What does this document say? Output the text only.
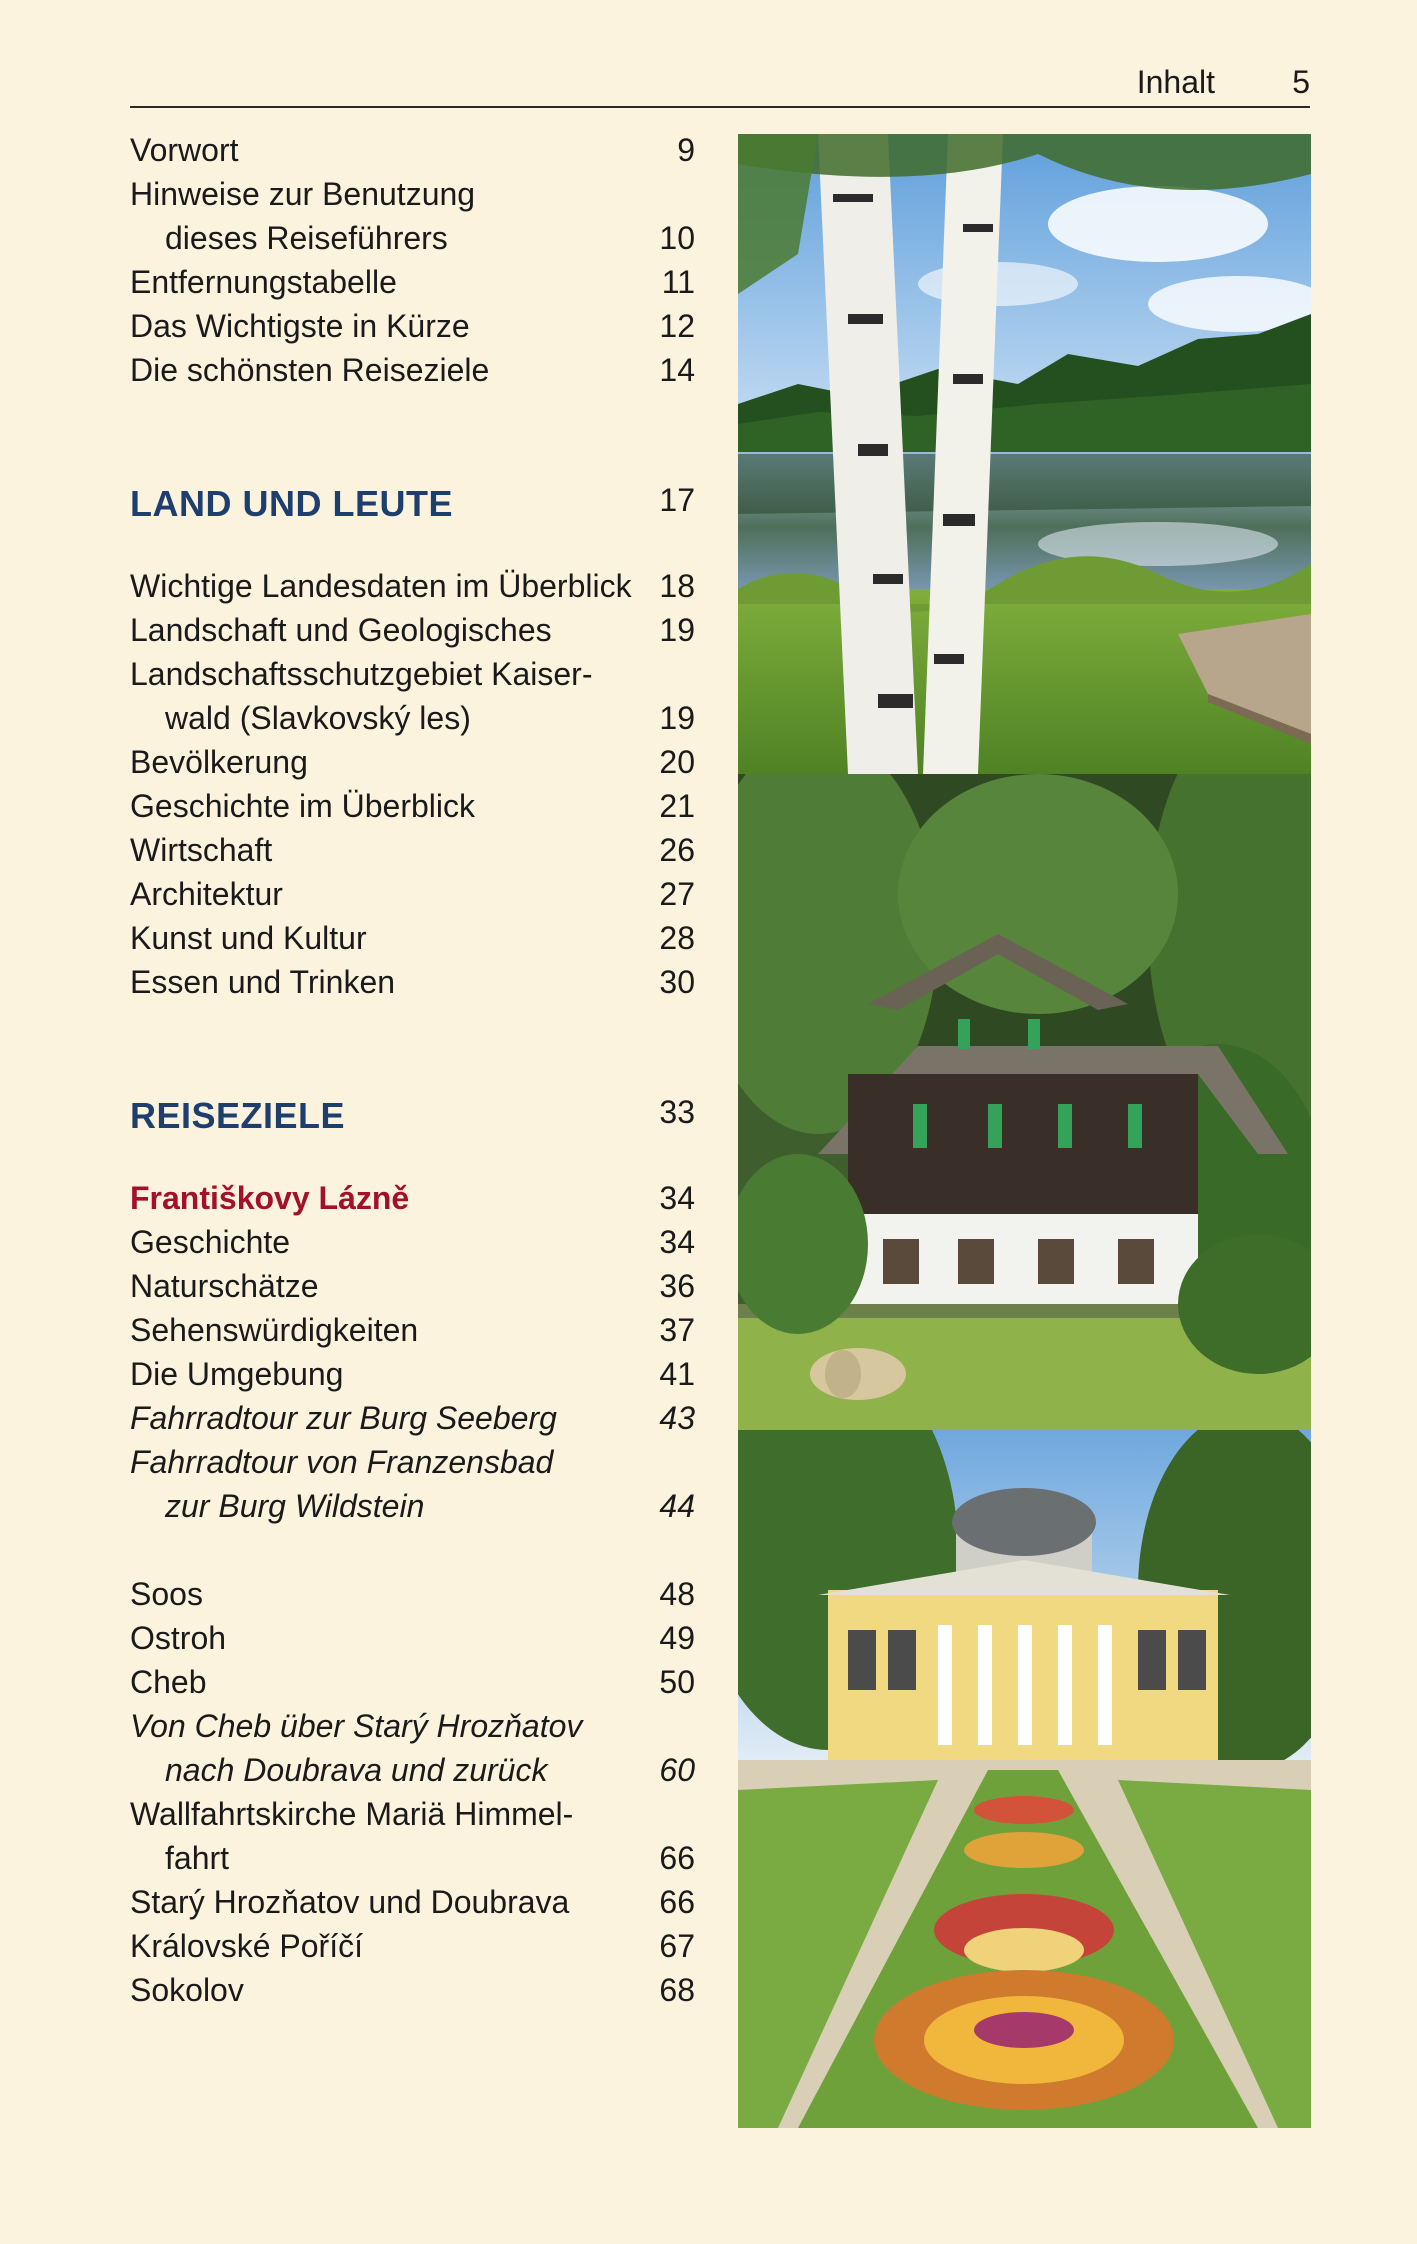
Inhalt 5
Vorwort	9
Hinweise zur Benutzung
dieses Reiseführers	10
Entfernungstabelle	11
Das Wichtigste in Kürze	12
Die schönsten Reiseziele	14
LAND UND LEUTE	17
Wichtige Landesdaten im Überblick 18
Landschaft und Geologisches	19
Landschaftsschutzgebiet Kaiser-
wald (Slavkovský les)	19
Bevölkerung	20
Geschichte im Überblick	21
Wirtschaft	26
Architektur	27
Kunst und Kultur	28
Essen und Trinken	30
REISEZIELE	33
Františkovy Lázně	34
Geschichte	34
Naturschätze	36
Sehenswürdigkeiten	37
Die Umgebung	41
Fahrradtour zur Burg Seeberg	43
Fahrradtour von Franzensbad
zur Burg Wildstein	44
Soos	48
Ostroh	49
Cheb	50
Von Cheb über Starý Hrozňatov
nach Doubrava und zurück	60
Wallfahrtskirche Mariä Himmel-
fahrt	66
Starý Hrozňatov und Doubrava	66
Královské Poříčí	67
Sokolov	68
